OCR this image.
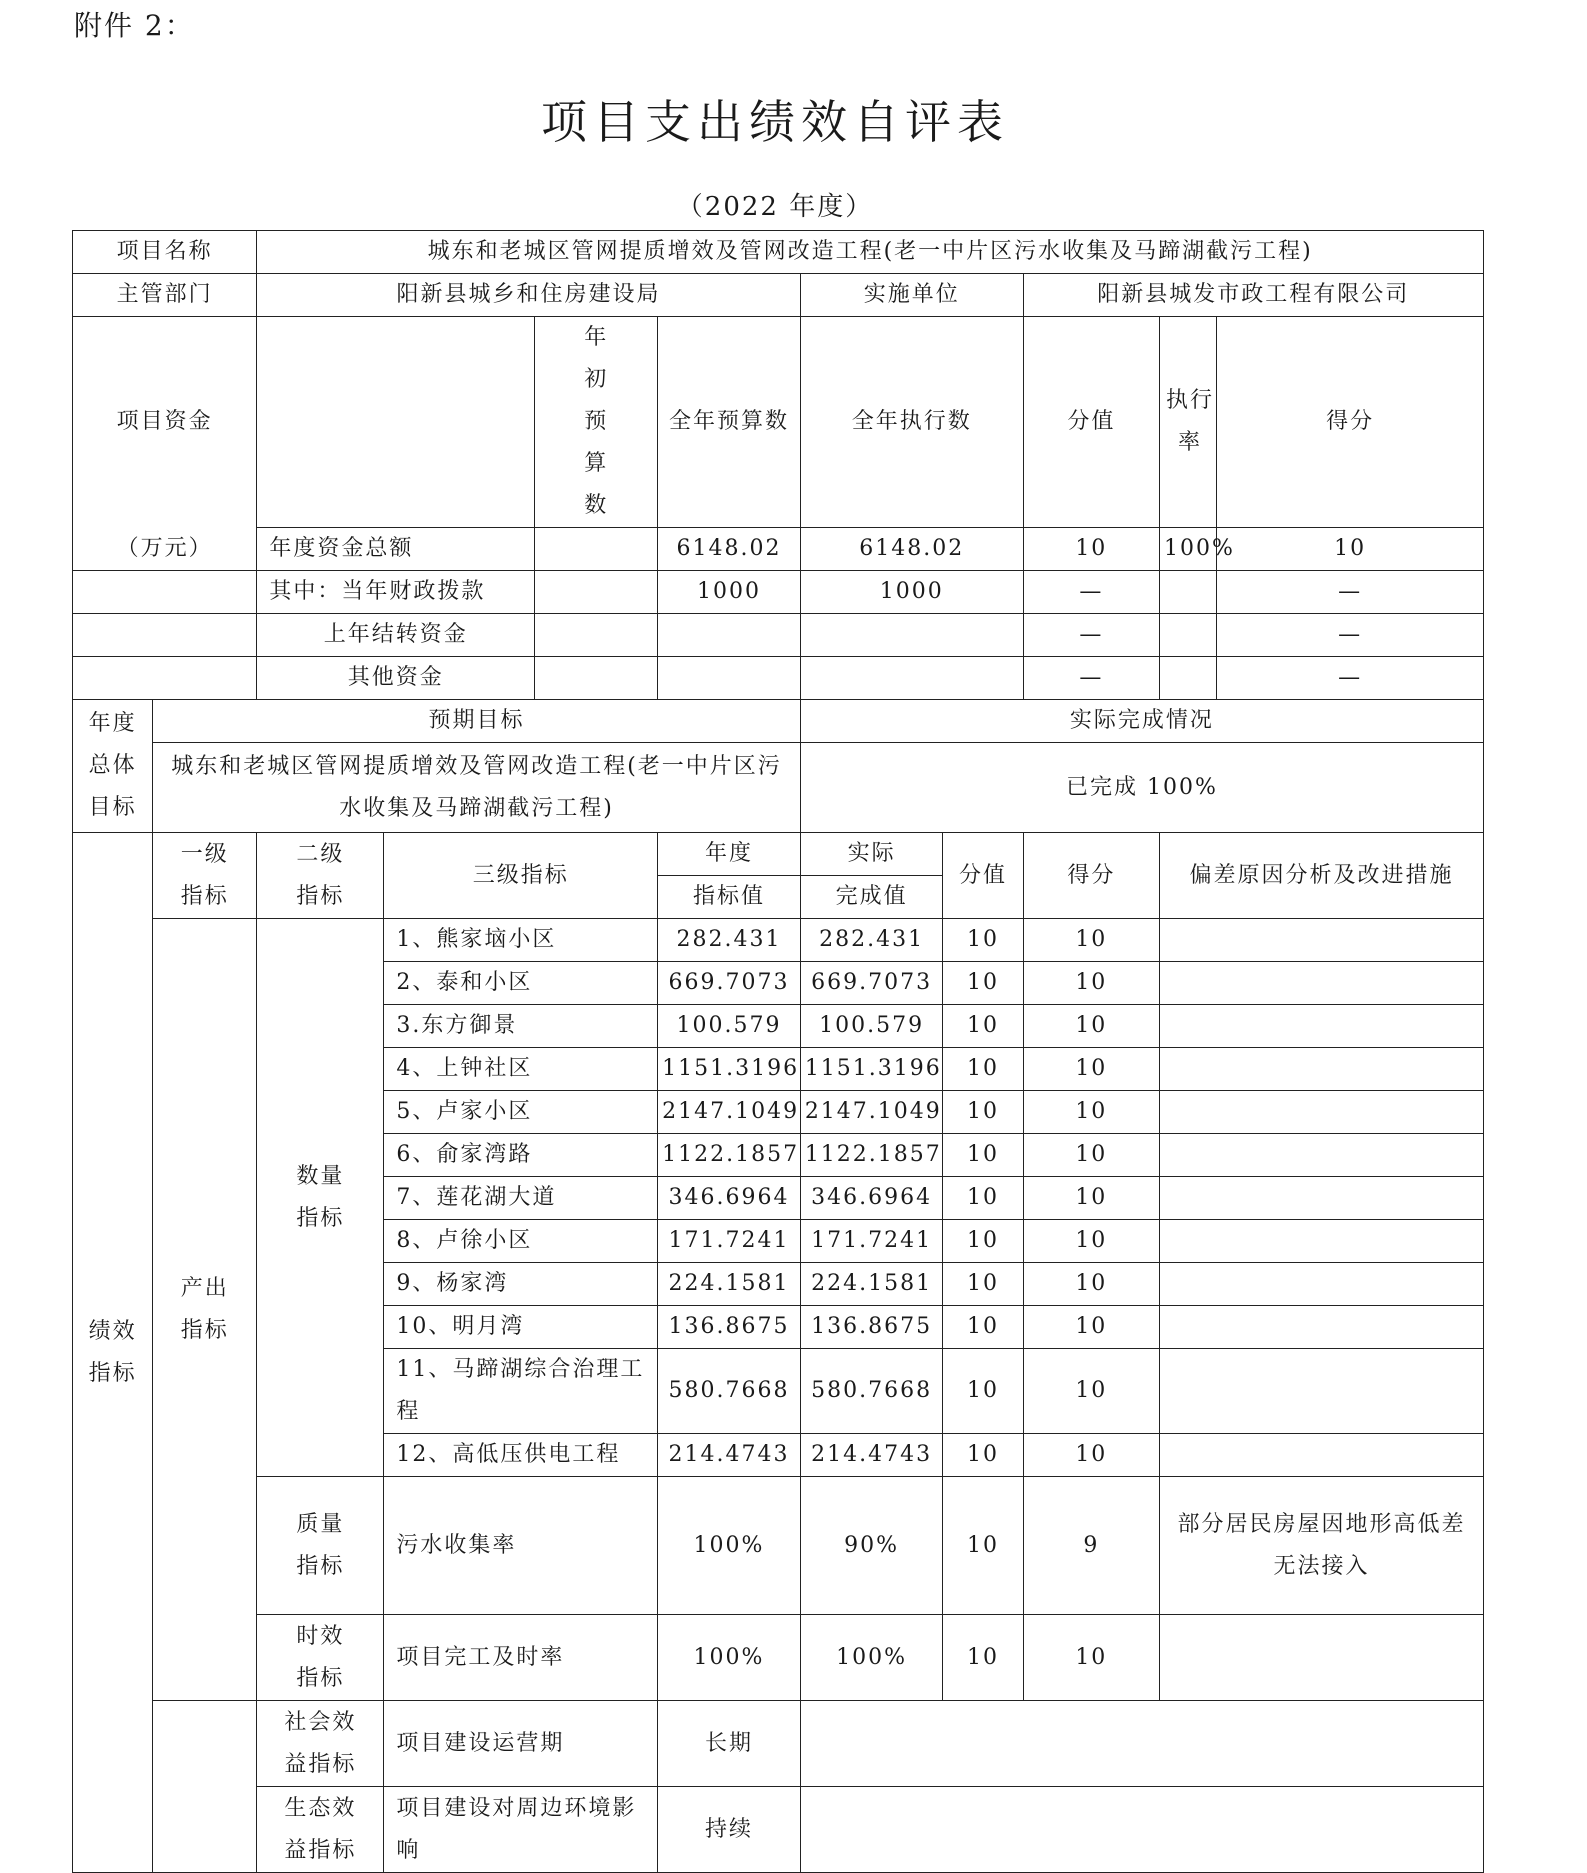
附件 2：
项目支出绩效自评表
（2022 年度）
项目名称		城东和老城区管网提质增效及管网改造工程(老一中片区污水收集及马蹄湖截污工程)								
主管部门		阳新县城乡和住房建设局				实施单位		阳新县城发市政工程有限公司		
项目资金				年初预算数	全年预算数	全年执行数		分值	执行率	得分
（万元）		年度资金总额			6148.02	6148.02		10	100%	10
		其中：当年财政拨款			1000	1000		—		—
		上年结转资金						—		—
		其他资金						—		—
年度总体目标	预期目标					实际完成情况				
	城东和老城区管网提质增效及管网改造工程(老一中片区污水收集及马蹄湖截污工程)					已完成 100%				
绩效指标	一级指标	二级指标	三级指标		年度	实际	分值	得分	偏差原因分析及改进措施	
					指标值	完成值				
	产出指标	数量指标	1、熊家垴小区		282.431	282.431	10	10		
			2、泰和小区		669.7073	669.7073	10	10		
			3.东方御景		100.579	100.579	10	10		
			4、上钟社区		1151.3196	1151.3196	10	10		
			5、卢家小区		2147.1049	2147.1049	10	10		
			6、俞家湾路		1122.1857	1122.1857	10	10		
			7、莲花湖大道		346.6964	346.6964	10	10		
			8、卢徐小区		171.7241	171.7241	10	10		
			9、杨家湾		224.1581	224.1581	10	10		
			10、明月湾		136.8675	136.8675	10	10		
			11、马蹄湖综合治理工程		580.7668	580.7668	10	10		
			12、高低压供电工程		214.4743	214.4743	10	10		
		质量指标	污水收集率		100%	90%	10	9	部分居民房屋因地形高低差无法接入	
		时效指标	项目完工及时率		100%	100%	10	10		
		社会效益指标	项目建设运营期		长期					
		生态效益指标	项目建设对周边环境影响		持续					
